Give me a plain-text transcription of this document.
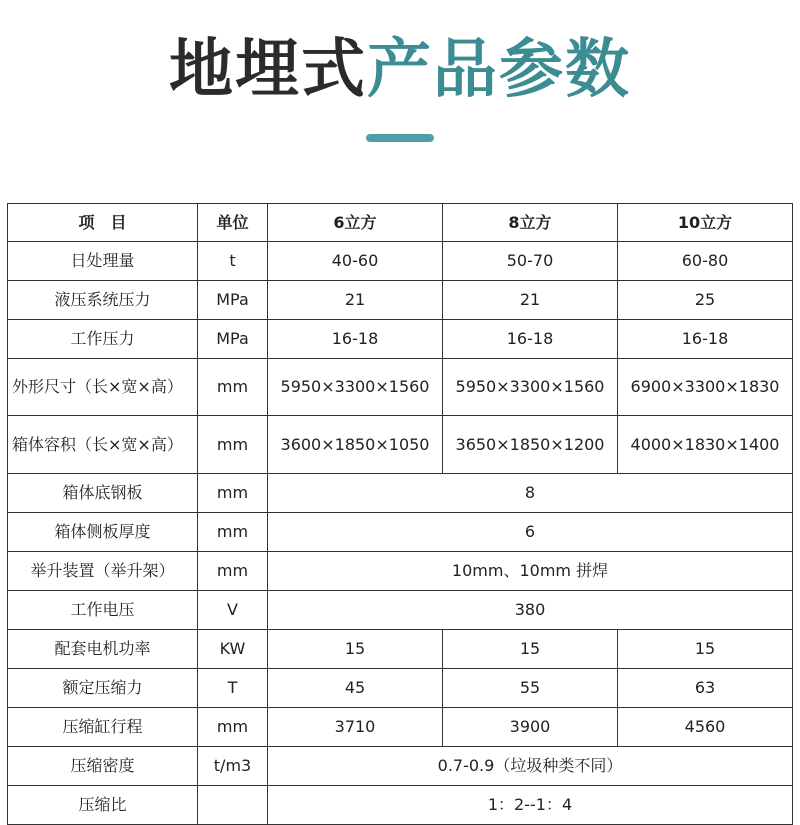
地埋式产品参数
项　目	单位	6立方	8立方	10立方
日处理量	t	40-60	50-70	60-80
液压系统压力	MPa	21	21	25
工作压力	MPa	16-18	16-18	16-18
外形尺寸（长×宽×高）	mm	5950×3300×1560	5950×3300×1560	6900×3300×1830
箱体容积（长×宽×高）	mm	3600×1850×1050	3650×1850×1200	4000×1830×1400
箱体底钢板	mm	8		
箱体侧板厚度	mm	6		
举升装置（举升架）	mm	10mm、10mm 拼焊		
工作电压	V	380		
配套电机功率	KW	15	15	15
额定压缩力	T	45	55	63
压缩缸行程	mm	3710	3900	4560
压缩密度	t/m3	0.7-0.9（垃圾种类不同）		
压缩比		1：2--1：4		
